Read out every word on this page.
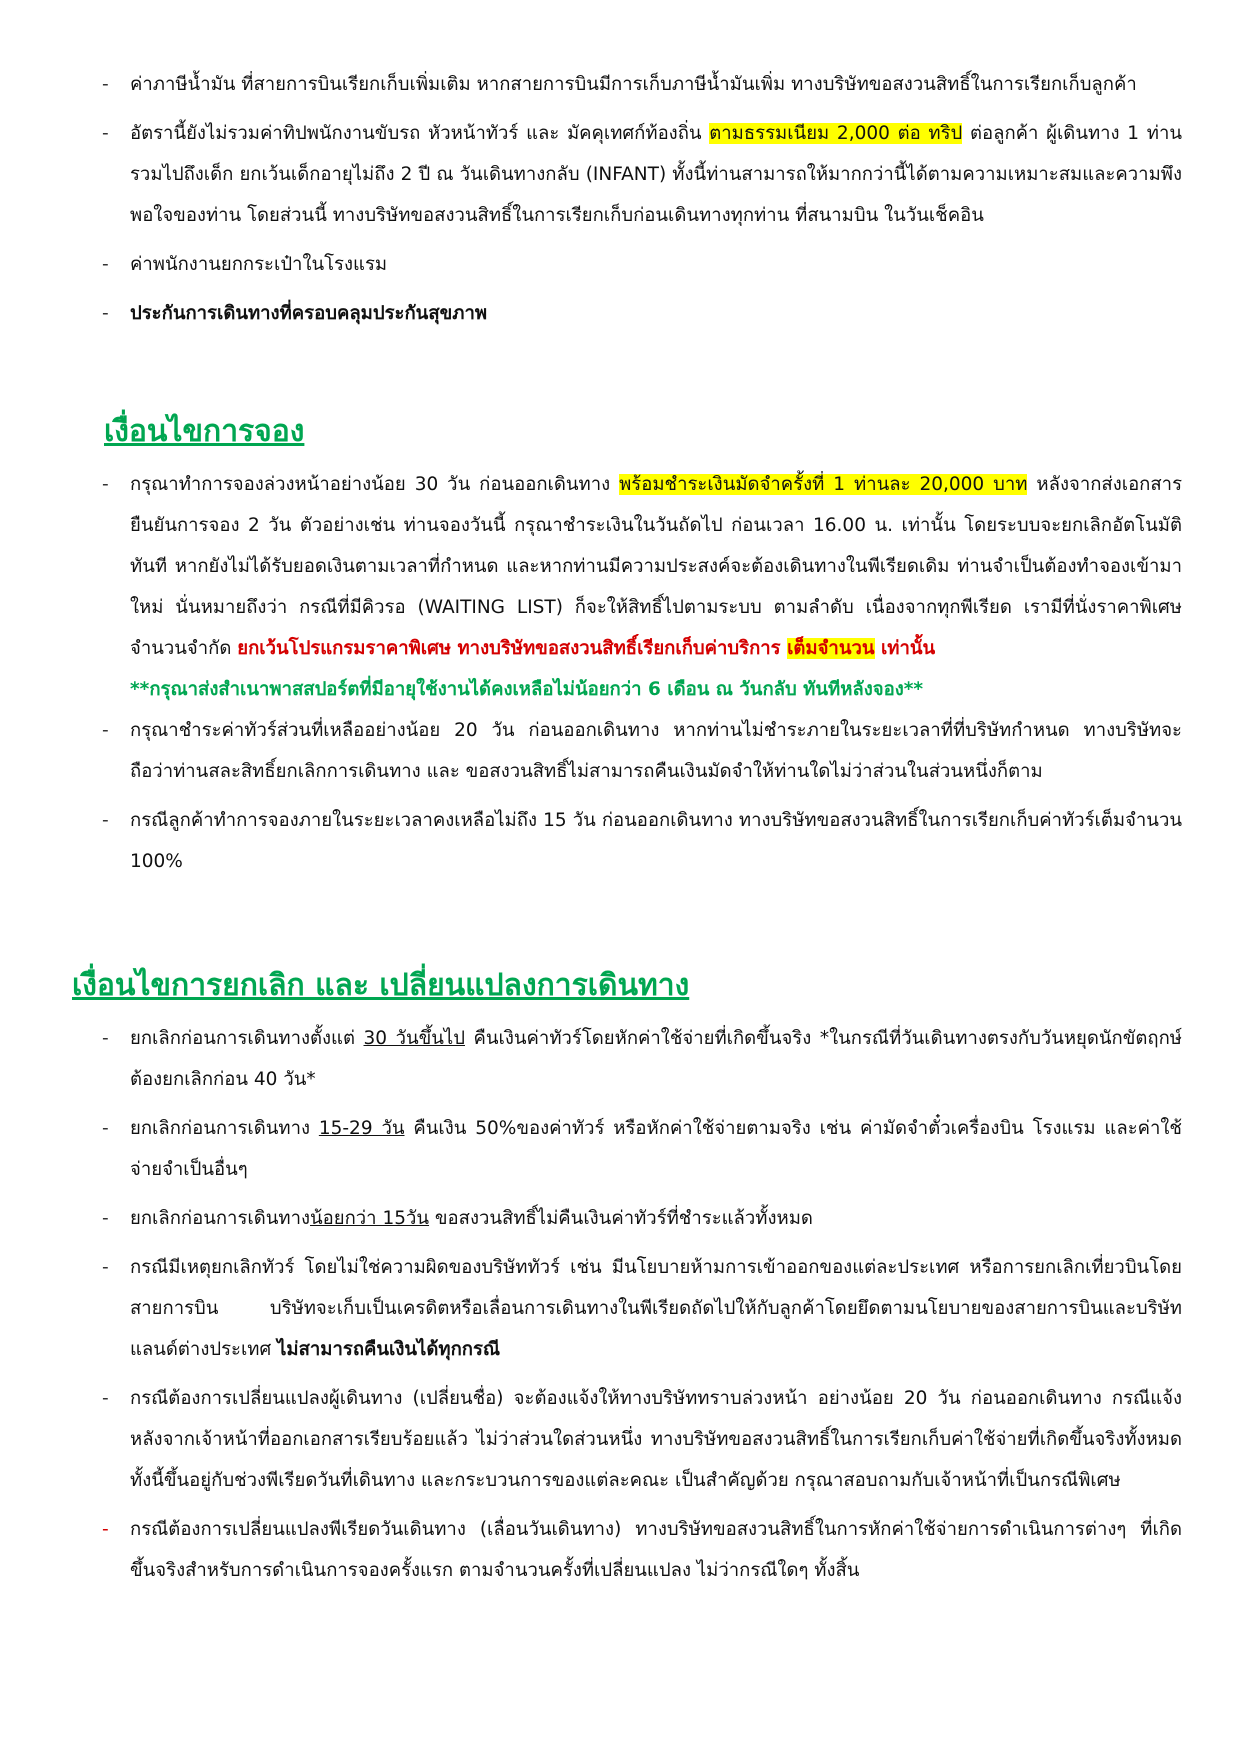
-	ค่าภาษีน้ำมัน ที่สายการบินเรียกเก็บเพิ่มเติม หากสายการบินมีการเก็บภาษีน้ำมันเพิ่ม ทางบริษัทขอสงวนสิทธิ์ในการเรียกเก็บลูกค้า
-	อัตรานี้ยังไม่รวมค่าทิปพนักงานขับรถ หัวหน้าทัวร์ และ มัคคุเทศก์ท้องถิ่น ตามธรรมเนียม 2,000 ต่อ ทริป ต่อลูกค้า ผู้เดินทาง 1 ท่าน รวมไปถึงเด็ก ยกเว้นเด็กอายุไม่ถึง 2 ปี ณ วันเดินทางกลับ (INFANT) ทั้งนี้ท่านสามารถให้มากกว่านี้ได้ตามความเหมาะสมและความพึงพอใจของท่าน โดยส่วนนี้ ทางบริษัทขอสงวนสิทธิ์ในการเรียกเก็บก่อนเดินทางทุกท่าน ที่สนามบิน ในวันเช็คอิน
-	ค่าพนักงานยกกระเป๋าในโรงแรม
-	ประกันการเดินทางที่ครอบคลุมประกันสุขภาพ
เงื่อนไขการจอง
-	กรุณาทำการจองล่วงหน้าอย่างน้อย 30 วัน ก่อนออกเดินทาง พร้อมชำระเงินมัดจำครั้งที่ 1 ท่านละ 20,000 บาท หลังจากส่งเอกสารยืนยันการจอง 2 วัน ตัวอย่างเช่น ท่านจองวันนี้ กรุณาชำระเงินในวันถัดไป ก่อนเวลา 16.00 น. เท่านั้น โดยระบบจะยกเลิกอัตโนมัติทันที หากยังไม่ได้รับยอดเงินตามเวลาที่กำหนด และหากท่านมีความประสงค์จะต้องเดินทางในพีเรียดเดิม ท่านจำเป็นต้องทำจองเข้ามาใหม่ นั่นหมายถึงว่า กรณีที่มีคิวรอ (WAITING LIST) ก็จะให้สิทธิ์ไปตามระบบ ตามลำดับ เนื่องจากทุกพีเรียด เรามีที่นั่งราคาพิเศษจำนวนจำกัด ยกเว้นโปรแกรมราคาพิเศษ ทางบริษัทขอสงวนสิทธิ์เรียกเก็บค่าบริการ เต็มจำนวน เท่านั้น
**กรุณาส่งสำเนาพาสสปอร์ตที่มีอายุใช้งานได้คงเหลือไม่น้อยกว่า 6 เดือน ณ วันกลับ ทันทีหลังจอง**
-	กรุณาชำระค่าทัวร์ส่วนที่เหลืออย่างน้อย 20 วัน ก่อนออกเดินทาง หากท่านไม่ชำระภายในระยะเวลาที่ที่บริษัทกำหนด ทางบริษัทจะถือว่าท่านสละสิทธิ์ยกเลิกการเดินทาง และ ขอสงวนสิทธิ์ไม่สามารถคืนเงินมัดจำให้ท่านใดไม่ว่าส่วนในส่วนหนึ่งก็ตาม
-	กรณีลูกค้าทำการจองภายในระยะเวลาคงเหลือไม่ถึง 15 วัน ก่อนออกเดินทาง ทางบริษัทขอสงวนสิทธิ์ในการเรียกเก็บค่าทัวร์เต็มจำนวน 100%
เงื่อนไขการยกเลิก และ เปลี่ยนแปลงการเดินทาง
-	ยกเลิกก่อนการเดินทางตั้งแต่ 30 วันขึ้นไป คืนเงินค่าทัวร์โดยหักค่าใช้จ่ายที่เกิดขึ้นจริง *ในกรณีที่วันเดินทางตรงกับวันหยุดนักขัตฤกษ์ ต้องยกเลิกก่อน 40 วัน*
-	ยกเลิกก่อนการเดินทาง 15-29 วัน คืนเงิน 50%ของค่าทัวร์ หรือหักค่าใช้จ่ายตามจริง เช่น ค่ามัดจำตั๋วเครื่องบิน โรงแรม และค่าใช้จ่ายจำเป็นอื่นๆ
-	ยกเลิกก่อนการเดินทางน้อยกว่า 15วัน ขอสงวนสิทธิ์ไม่คืนเงินค่าทัวร์ที่ชำระแล้วทั้งหมด
-	กรณีมีเหตุยกเลิกทัวร์ โดยไม่ใช่ความผิดของบริษัททัวร์ เช่น มีนโยบายห้ามการเข้าออกของแต่ละประเทศ หรือการยกเลิกเที่ยวบินโดยสายการบิน บริษัทจะเก็บเป็นเครดิตหรือเลื่อนการเดินทางในพีเรียดถัดไปให้กับลูกค้าโดยยึดตามนโยบายของสายการบินและบริษัทแลนด์ต่างประเทศ ไม่สามารถคืนเงินได้ทุกกรณี
-	กรณีต้องการเปลี่ยนแปลงผู้เดินทาง (เปลี่ยนชื่อ) จะต้องแจ้งให้ทางบริษัททราบล่วงหน้า อย่างน้อย 20 วัน ก่อนออกเดินทาง กรณีแจ้งหลังจากเจ้าหน้าที่ออกเอกสารเรียบร้อยแล้ว ไม่ว่าส่วนใดส่วนหนึ่ง ทางบริษัทขอสงวนสิทธิ์ในการเรียกเก็บค่าใช้จ่ายที่เกิดขึ้นจริงทั้งหมด ทั้งนี้ขึ้นอยู่กับช่วงพีเรียดวันที่เดินทาง และกระบวนการของแต่ละคณะ เป็นสำคัญด้วย กรุณาสอบถามกับเจ้าหน้าที่เป็นกรณีพิเศษ
-	กรณีต้องการเปลี่ยนแปลงพีเรียดวันเดินทาง (เลื่อนวันเดินทาง) ทางบริษัทขอสงวนสิทธิ์ในการหักค่าใช้จ่ายการดำเนินการต่างๆ ที่เกิดขึ้นจริงสำหรับการดำเนินการจองครั้งแรก ตามจำนวนครั้งที่เปลี่ยนแปลง ไม่ว่ากรณีใดๆ ทั้งสิ้น
